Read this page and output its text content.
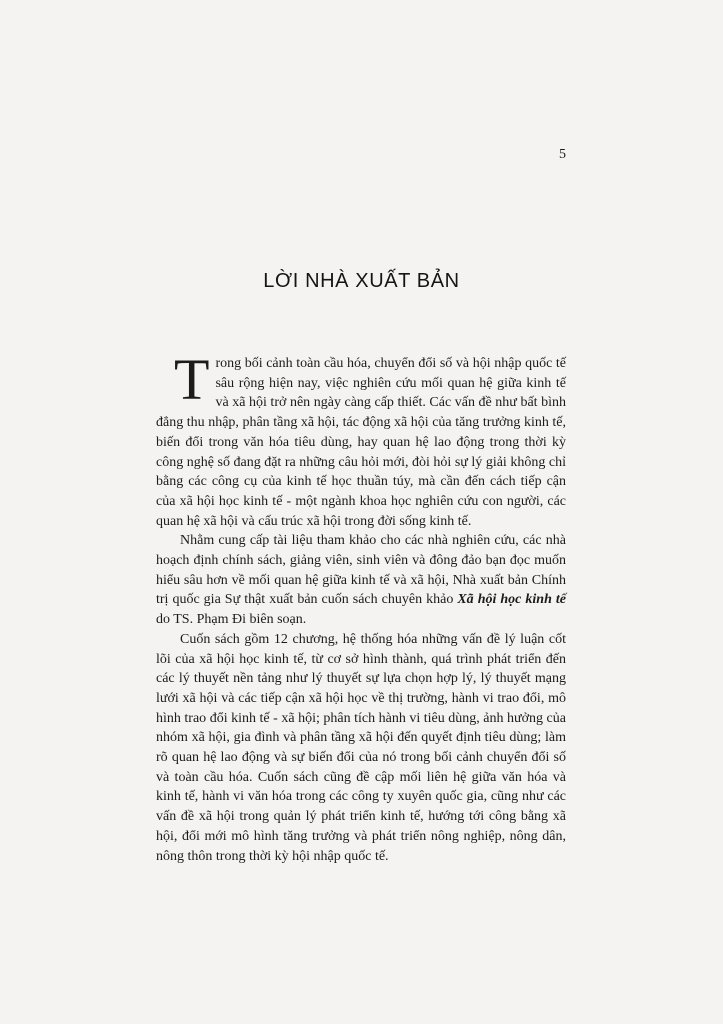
5
LỜI NHÀ XUẤT BẢN

Trong bối cảnh toàn cầu hóa, chuyển đổi số và hội nhập quốc tế sâu rộng hiện nay, việc nghiên cứu mối quan hệ giữa kinh tế và xã hội trở nên ngày càng cấp thiết. Các vấn đề như bất bình đẳng thu nhập, phân tầng xã hội, tác động xã hội của tăng trưởng kinh tế, biến đổi trong văn hóa tiêu dùng, hay quan hệ lao động trong thời kỳ công nghệ số đang đặt ra những câu hỏi mới, đòi hỏi sự lý giải không chỉ bằng các công cụ của kinh tế học thuần túy, mà cần đến cách tiếp cận của xã hội học kinh tế - một ngành khoa học nghiên cứu con người, các quan hệ xã hội và cấu trúc xã hội trong đời sống kinh tế.

Nhằm cung cấp tài liệu tham khảo cho các nhà nghiên cứu, các nhà hoạch định chính sách, giảng viên, sinh viên và đông đảo bạn đọc muốn hiểu sâu hơn về mối quan hệ giữa kinh tế và xã hội, Nhà xuất bản Chính trị quốc gia Sự thật xuất bản cuốn sách chuyên khảo Xã hội học kinh tế do TS. Phạm Đi biên soạn.

Cuốn sách gồm 12 chương, hệ thống hóa những vấn đề lý luận cốt lõi của xã hội học kinh tế, từ cơ sở hình thành, quá trình phát triển đến các lý thuyết nền tảng như lý thuyết sự lựa chọn hợp lý, lý thuyết mạng lưới xã hội và các tiếp cận xã hội học về thị trường, hành vi trao đổi, mô hình trao đổi kinh tế - xã hội; phân tích hành vi tiêu dùng, ảnh hưởng của nhóm xã hội, gia đình và phân tầng xã hội đến quyết định tiêu dùng; làm rõ quan hệ lao động và sự biến đổi của nó trong bối cảnh chuyển đổi số và toàn cầu hóa. Cuốn sách cũng đề cập mối liên hệ giữa văn hóa và kinh tế, hành vi văn hóa trong các công ty xuyên quốc gia, cũng như các vấn đề xã hội trong quản lý phát triển kinh tế, hướng tới công bằng xã hội, đổi mới mô hình tăng trưởng và phát triển nông nghiệp, nông dân, nông thôn trong thời kỳ hội nhập quốc tế.
